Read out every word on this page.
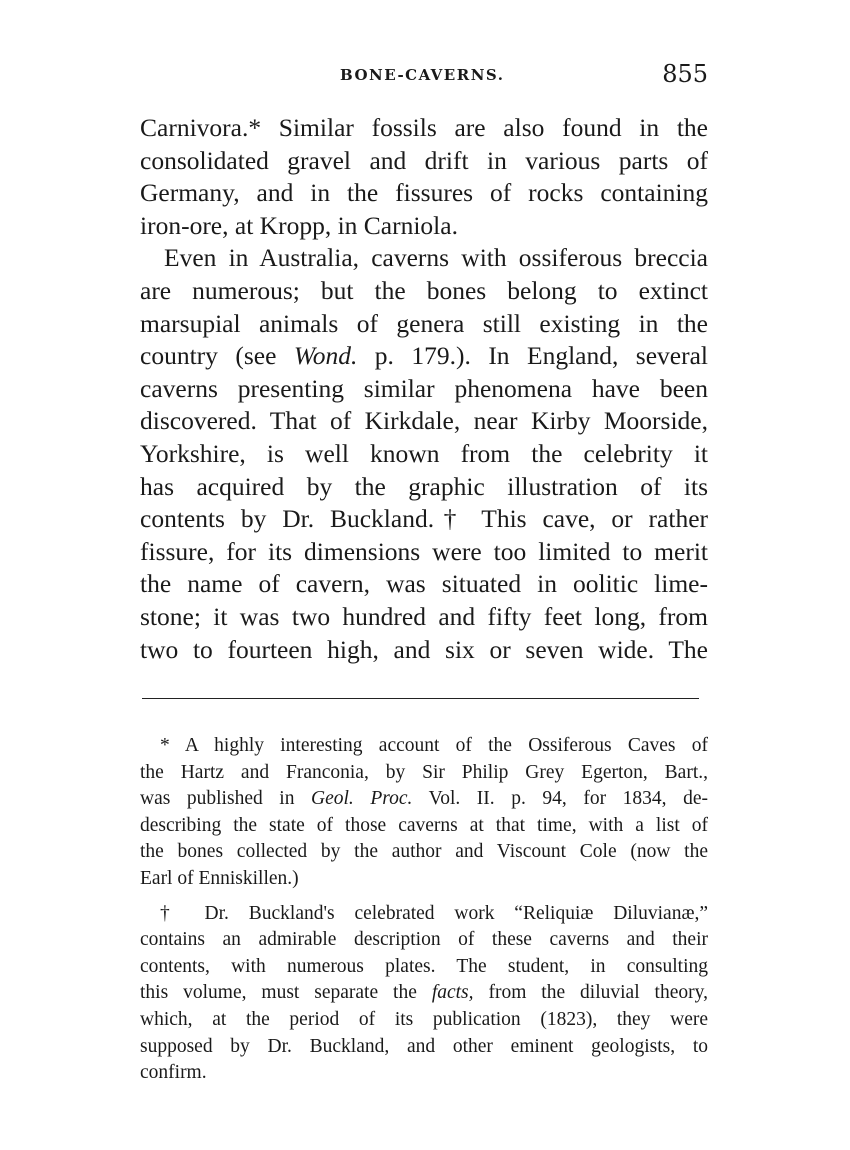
BONE-CAVERNS.	855
Carnivora.* Similar fossils are also found in the
consolidated gravel and drift in various parts of
Germany, and in the fissures of rocks containing
iron-ore, at Kropp, in Carniola.
Even in Australia, caverns with ossiferous breccia
are numerous; but the bones belong to extinct
marsupial animals of genera still existing in the
country (see Wond. p. 179.). In England, several
caverns presenting similar phenomena have been
discovered. That of Kirkdale, near Kirby Moorside,
Yorkshire, is well known from the celebrity it
has acquired by the graphic illustration of its
contents by Dr. Buckland.† This cave, or rather
fissure, for its dimensions were too limited to merit
the name of cavern, was situated in oolitic lime-
stone; it was two hundred and fifty feet long, from
two to fourteen high, and six or seven wide. The
* A highly interesting account of the Ossiferous Caves of
the Hartz and Franconia, by Sir Philip Grey Egerton, Bart.,
was published in Geol. Proc. Vol. II. p. 94, for 1834, de-
describing the state of those caverns at that time, with a list of
the bones collected by the author and Viscount Cole (now the
Earl of Enniskillen.)
† Dr. Buckland's celebrated work “Reliquiæ Diluvianæ,”
contains an admirable description of these caverns and their
contents, with numerous plates. The student, in consulting
this volume, must separate the facts, from the diluvial theory,
which, at the period of its publication (1823), they were
supposed by Dr. Buckland, and other eminent geologists, to
confirm.
